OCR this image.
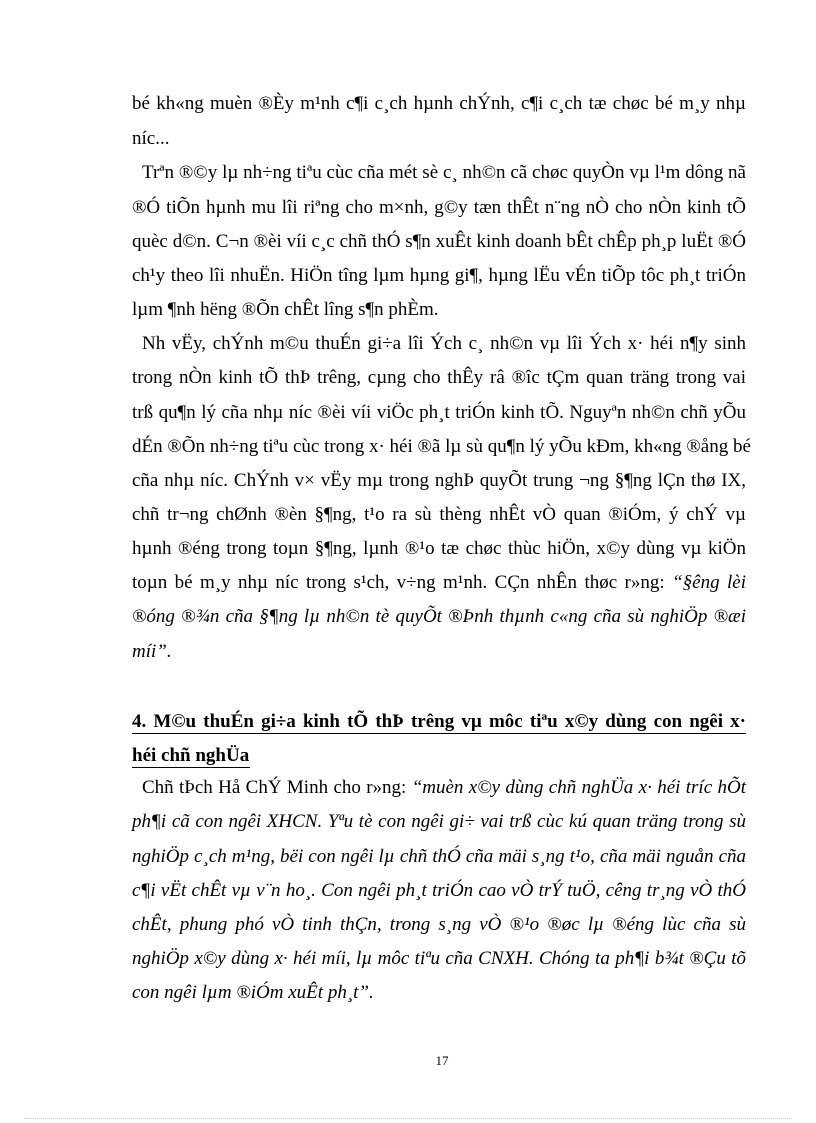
bé kh«ng muèn ®Èy m¹nh c¶i c¸ch hµnh chÝnh, c¶i c¸ch tæ chøc bé m¸y nhµ
níc...
Trªn ®©y lµ nh÷ng tiªu cùc cña mét sè c¸ nh©n cã chøc quyÒn vµ l¹m dông nã
®Ó tiÕn hµnh mu lîi riªng cho m×nh, g©y tæn thÊt n¨ng nÒ cho nÒn kinh tÕ
quèc d©n. C¬n ®èi víi c¸c chñ thÓ s¶n xuÊt kinh doanh bÊt chÊp ph¸p luËt ®Ó
ch¹y theo lîi nhuËn. HiÖn tîng lµm hµng gi¶, hµng lËu vÉn tiÕp tôc ph¸t triÓn
lµm ¶nh hëng ®Õn chÊt lîng s¶n phÈm.
Nh vËy, chÝnh m©u thuÉn gi÷a lîi Ých c¸ nh©n vµ lîi Ých x· héi n¶y sinh
trong nÒn kinh tÕ thÞ trêng, cµng cho thÊy râ ®îc tÇm quan träng trong vai
trß qu¶n lý cña nhµ níc ®èi víi viÖc ph¸t triÓn kinh tÕ. Nguyªn nh©n chñ yÕu
dÉn ®Õn nh÷ng tiªu cùc trong x· héi ®ã lµ sù qu¶n lý yÕu kÐm, kh«ng ®ång bé
cña nhµ níc. ChÝnh v× vËy mµ trong nghÞ quyÕt trung ¬ng §¶ng lÇn thø IX,
chñ tr¬ng chØnh ®èn §¶ng, t¹o ra sù thèng nhÊt vÒ quan ®iÓm, ý chÝ vµ
hµnh ®éng trong toµn §¶ng, lµnh ®¹o tæ chøc thùc hiÖn, x©y dùng vµ kiÖn
toµn bé m¸y nhµ níc trong s¹ch, v÷ng m¹nh. CÇn nhÊn thøc r»ng: “§êng lèi
®óng ®¾n cña §¶ng lµ nh©n tè quyÕt ®Þnh thµnh c«ng cña sù nghiÖp ®æi
míi”.
4. M©u thuÉn gi÷a kinh tÕ thÞ trêng vµ môc tiªu x©y dùng con ngêi x·
héi chñ nghÜa
Chñ tÞch Hå ChÝ Minh cho r»ng: “muèn x©y dùng chñ nghÜa x· héi tríc hÕt
ph¶i cã con ngêi XHCN. Yªu tè con ngêi gi÷ vai trß cùc kú quan träng trong sù
nghiÖp c¸ch m¹ng, bëi con ngêi lµ chñ thÓ cña mäi s¸ng t¹o, cña mäi nguån cña
c¶i vËt chÊt vµ v¨n ho¸. Con ngêi ph¸t triÓn cao vÒ trÝ tuÖ, cêng tr¸ng vÒ thÓ
chÊt, phung phó vÒ tinh thÇn, trong s¸ng vÒ ®¹o ®øc lµ ®éng lùc cña sù
nghiÖp x©y dùng x· héi míi, lµ môc tiªu cña CNXH. Chóng ta ph¶i b¾t ®Çu tõ
con ngêi lµm ®iÓm xuÊt ph¸t”.
17
